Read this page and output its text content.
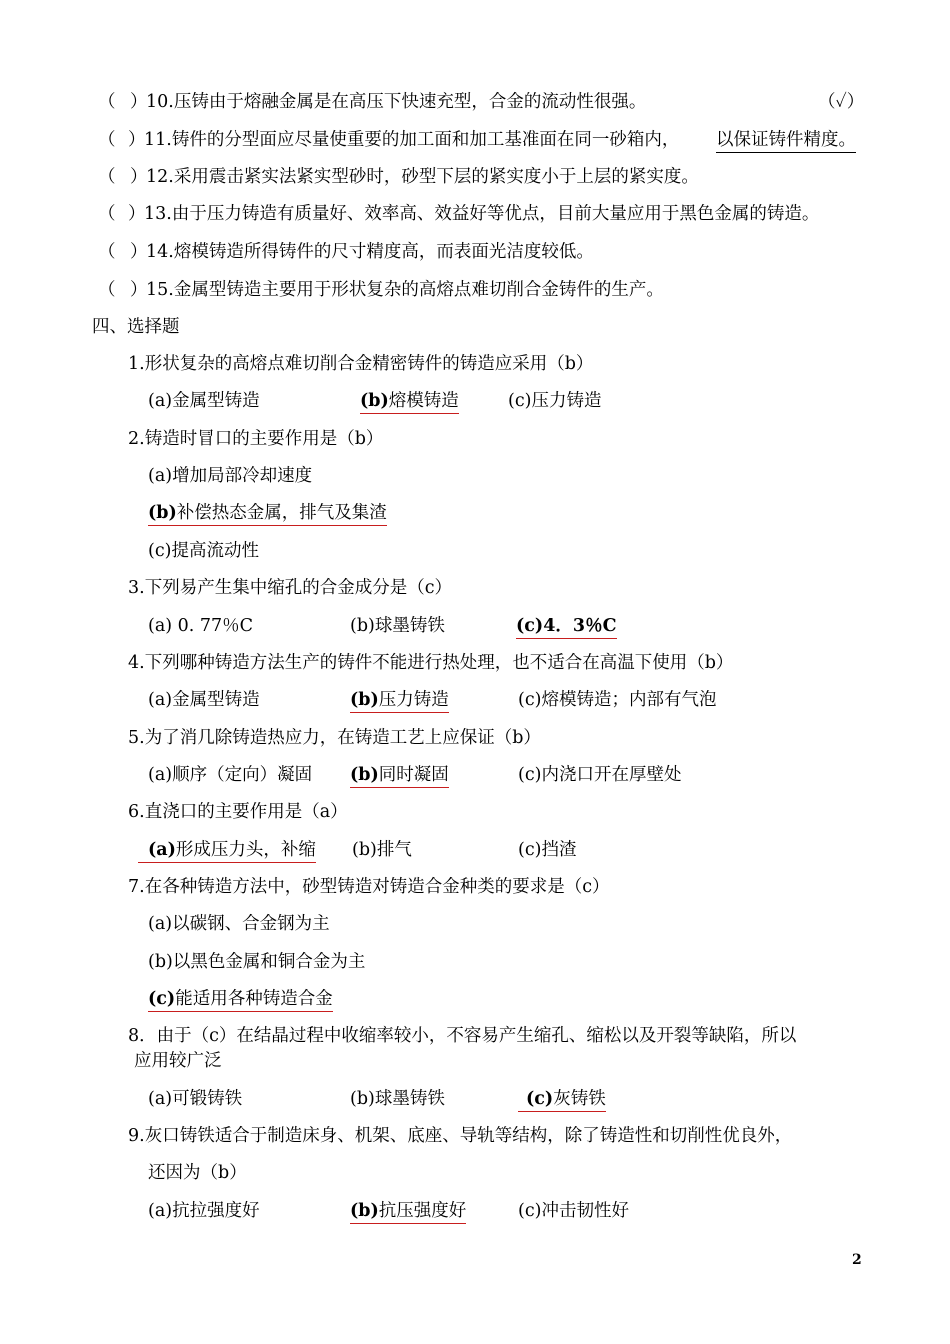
（ ）
10.压铸由于熔融金属是在高压下快速充型，合金的流动性很强。	（✓）
（ ）
11.铸件的分型面应尽量使重要的加工面和加工基准面在同一砂箱内， 以保证铸件精度。
（ ）
12.采用震击紧实法紧实型砂时，砂型下层的紧实度小于上层的紧实度。
（ ）
13.由于压力铸造有质量好、效率高、效益好等优点，目前大量应用于黑色金属的铸造。
（ ）
14.熔模铸造所得铸件的尺寸精度高，而表面光洁度较低。
（ ）
15.金属型铸造主要用于形状复杂的高熔点难切削合金铸件的生产。
四、选择题
1.形状复杂的高熔点难切削合金精密铸件的铸造应采用（b）
(a)金属型铸造	(b)熔模铸造	(c)压力铸造
2.铸造时冒口的主要作用是（b）
(a)增加局部冷却速度
(b)补偿热态金属，排气及集渣
(c)提高流动性
3.下列易产生集中缩孔的合金成分是（c）
(a) 0. 77％C	(b)球墨铸铁	(c)4．3％C
4.下列哪种铸造方法生产的铸件不能进行热处理，也不适合在高温下使用（b）
(a)金属型铸造	(b)压力铸造	(c)熔模铸造；内部有气泡
5.为了消几除铸造热应力，在铸造工艺上应保证（b）
(a)顺序（定向）凝固 (b)同时凝固	(c)内浇口开在厚壁处
6.直浇口的主要作用是（a）
(a)形成压力头，补缩 (b)排气	(c)挡渣
7.在各种铸造方法中，砂型铸造对铸造合金种类的要求是（c）
(a)以碳钢、合金钢为主
(b)以黑色金属和铜合金为主
(c)能适用各种铸造合金
8．由于（c）在结晶过程中收缩率较小，不容易产生缩孔、缩松以及开裂等缺陷，所以
应用较广泛
(a)可锻铸铁	(b)球墨铸铁	(c)灰铸铁
9.灰口铸铁适合于制造床身、机架、底座、导轨等结构，除了铸造性和切削性优良外，
还因为（b）
(a)抗拉强度好	(b)抗压强度好	(c)冲击韧性好
2
